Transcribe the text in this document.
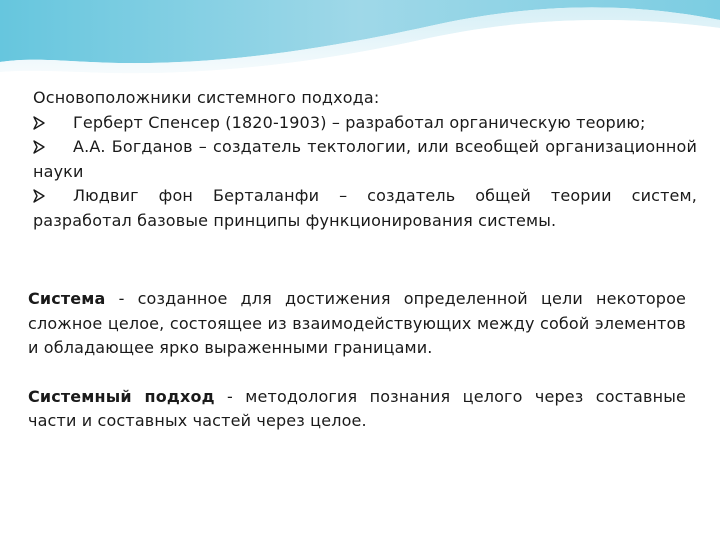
Основоположники системного подхода:

Герберт Спенсер (1820-1903) – разработал органическую теорию;

А.А. Богданов – создатель тектологии, или всеобщей организационной науки

Людвиг фон Берталанфи – создатель общей теории систем, разработал базовые принципы функционирования системы.

Система - созданное для достижения определенной цели некоторое сложное целое, состоящее из взаимодействующих между собой элементов и обладающее ярко выраженными границами.

Системный подход - методология познания целого через составные части и составных частей через целое.
